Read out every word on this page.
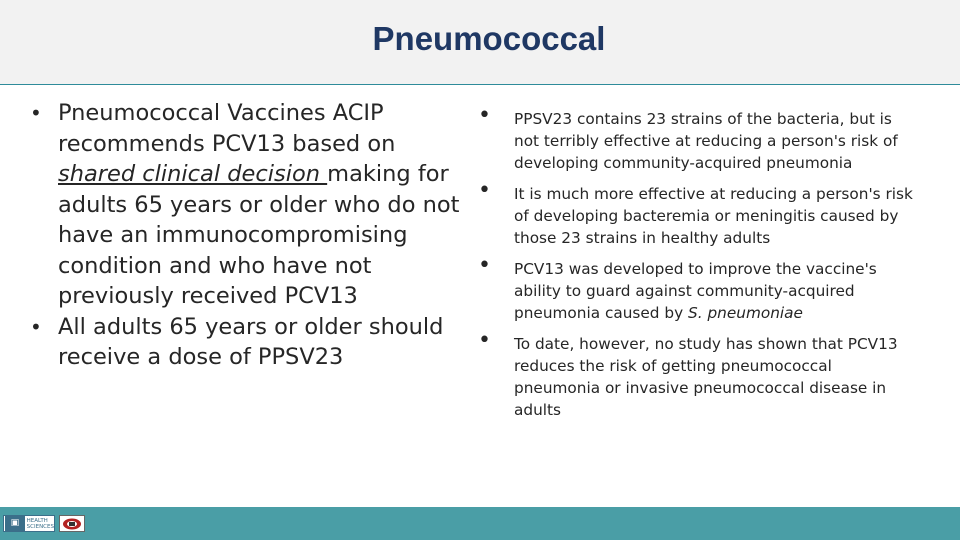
Pneumococcal
• Pneumococcal Vaccines ACIP recommends PCV13 based on shared clinical decision making for adults 65 years or older who do not have an immunocompromising condition and who have not previously received PCV13
• All adults 65 years or older should receive a dose of PPSV23
• PPSV23 contains 23 strains of the bacteria, but is not terribly effective at reducing a person's risk of developing community-acquired pneumonia
• It is much more effective at reducing a person's risk of developing bacteremia or meningitis caused by those 23 strains in healthy adults
• PCV13 was developed to improve the vaccine's ability to guard against community-acquired pneumonia caused by S. pneumoniae
• To date, however, no study has shown that PCV13 reduces the risk of getting pneumococcal pneumonia or invasive pneumococcal disease in adults
▣	HEALTH
SCIENCES
